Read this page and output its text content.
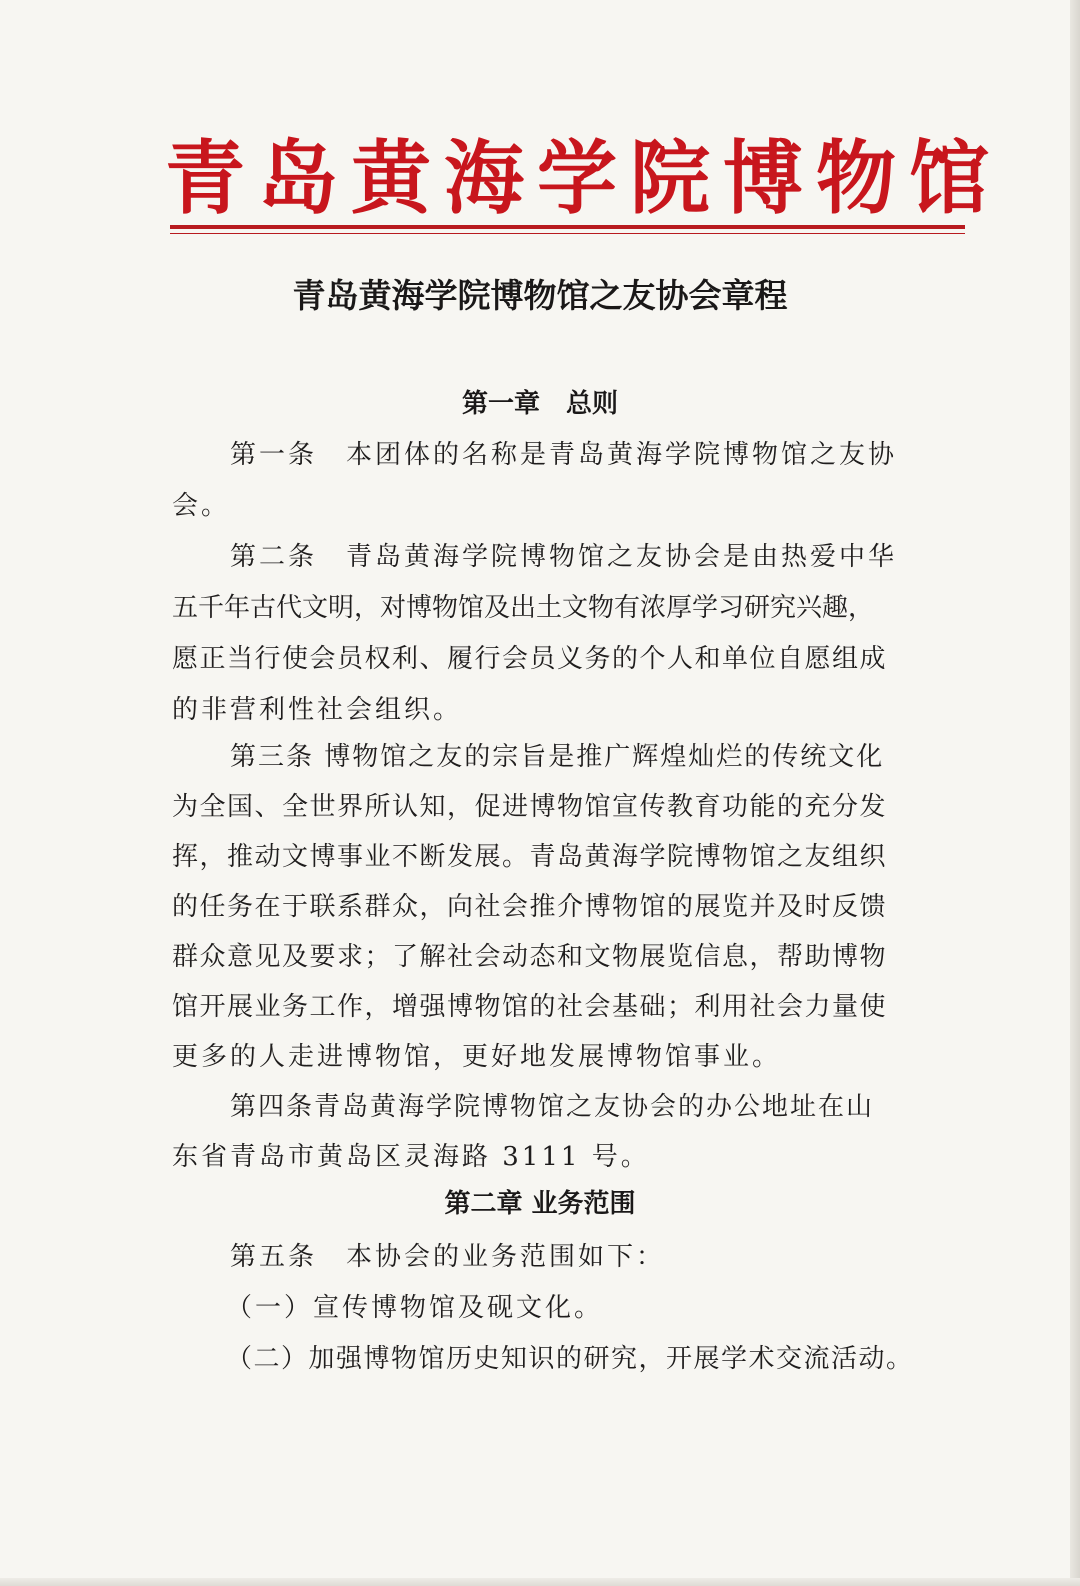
青岛黄海学院博物馆
青岛黄海学院博物馆之友协会章程
第一章　总则
第一条　本团体的名称是青岛黄海学院博物馆之友协
会。
第二条　青岛黄海学院博物馆之友协会是由热爱中华
五千年古代文明，对博物馆及出土文物有浓厚学习研究兴趣，
愿正当行使会员权利、履行会员义务的个人和单位自愿组成
的非营利性社会组织。
第三条 博物馆之友的宗旨是推广辉煌灿烂的传统文化
为全国、全世界所认知，促进博物馆宣传教育功能的充分发
挥，推动文博事业不断发展。青岛黄海学院博物馆之友组织
的任务在于联系群众，向社会推介博物馆的展览并及时反馈
群众意见及要求；了解社会动态和文物展览信息，帮助博物
馆开展业务工作，增强博物馆的社会基础；利用社会力量使
更多的人走进博物馆，更好地发展博物馆事业。
第四条青岛黄海学院博物馆之友协会的办公地址在山
东省青岛市黄岛区灵海路 3111 号。
第二章 业务范围
第五条　本协会的业务范围如下：
（一）宣传博物馆及砚文化。
（二）加强博物馆历史知识的研究，开展学术交流活动。
